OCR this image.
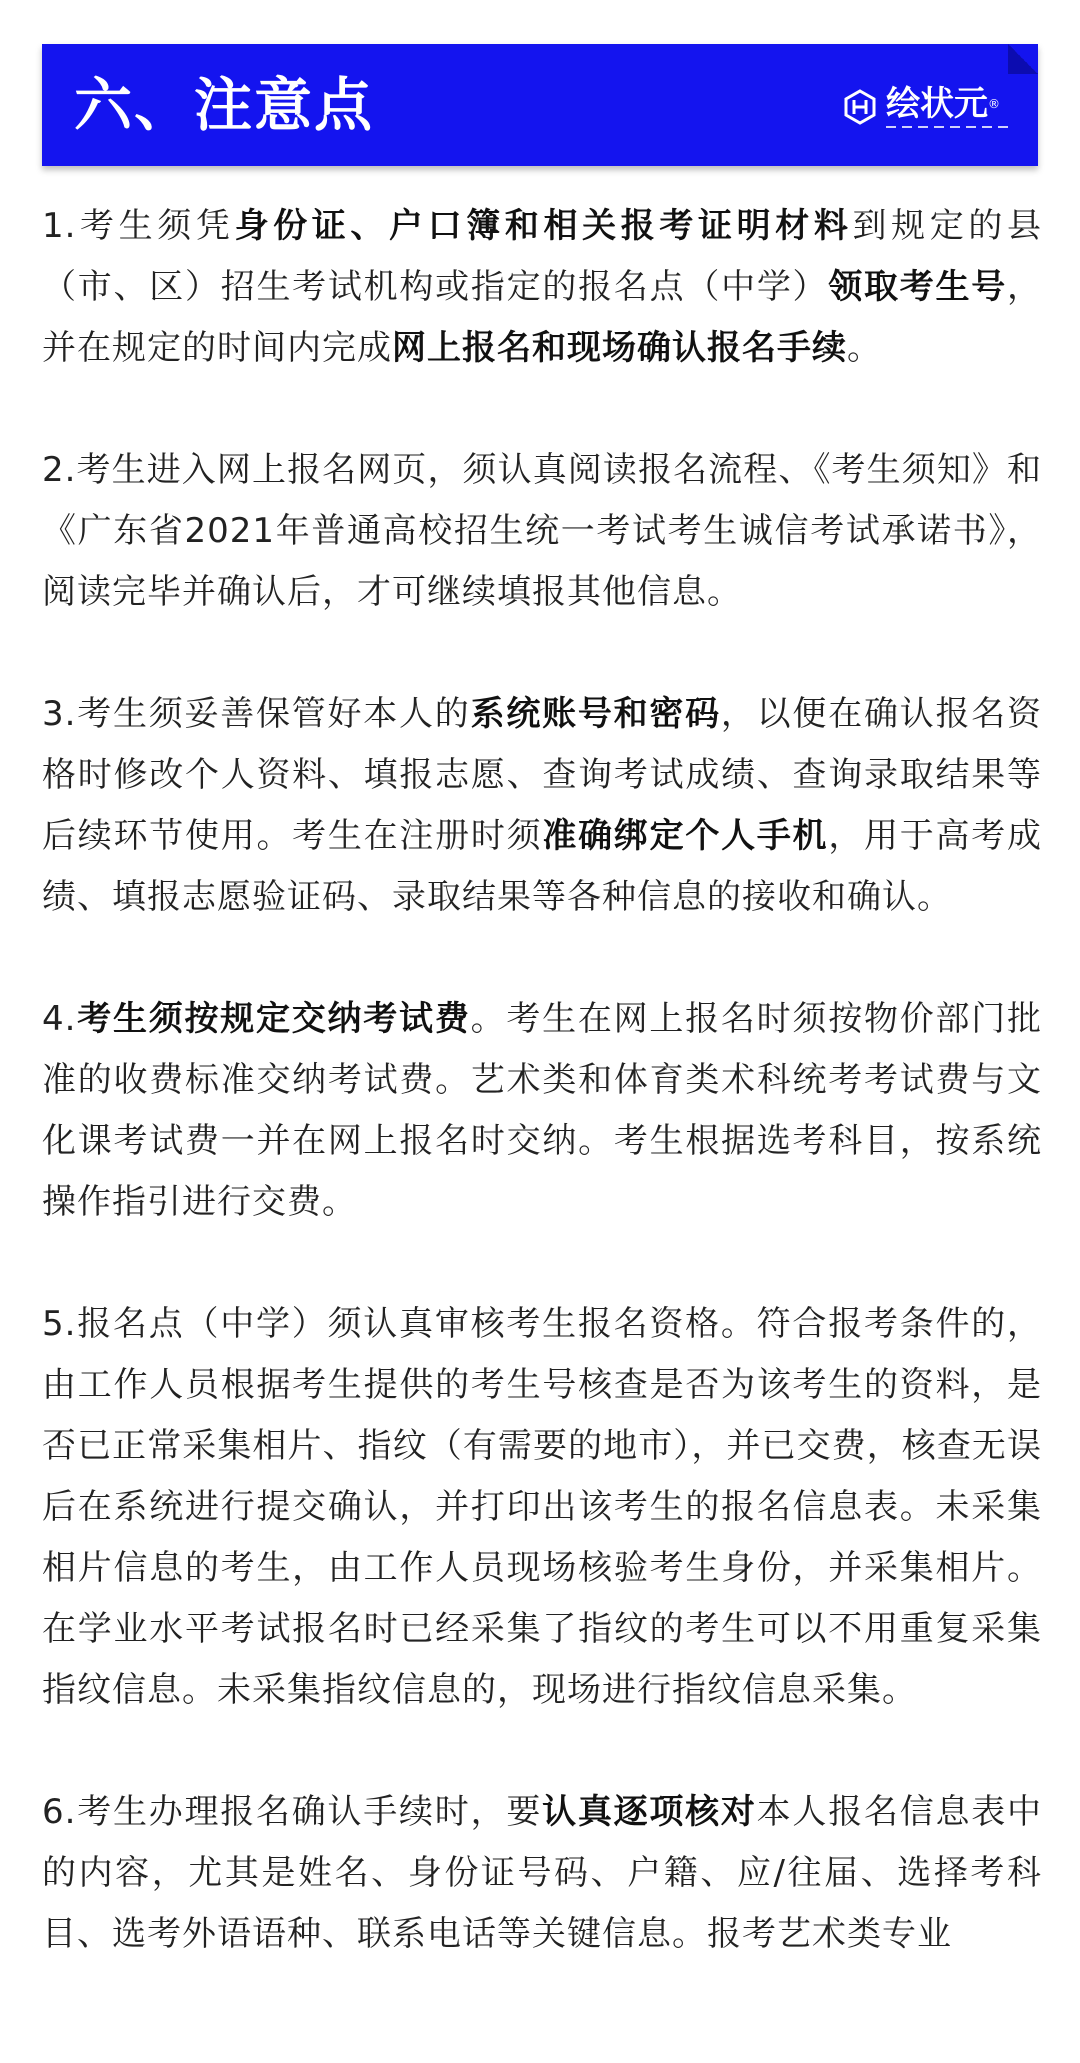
六、注意点	绘状元®

1.考生须凭身份证、户口簿和相关报考证明材料到规定的县（市、区）招生考试机构或指定的报名点（中学）领取考生号，并在规定的时间内完成网上报名和现场确认报名手续。

2.考生进入网上报名网页，须认真阅读报名流程、《考生须知》和《广东省2021年普通高校招生统一考试考生诚信考试承诺书》，阅读完毕并确认后，才可继续填报其他信息。

3.考生须妥善保管好本人的系统账号和密码，以便在确认报名资格时修改个人资料、填报志愿、查询考试成绩、查询录取结果等后续环节使用。考生在注册时须准确绑定个人手机，用于高考成绩、填报志愿验证码、录取结果等各种信息的接收和确认。

4.考生须按规定交纳考试费。考生在网上报名时须按物价部门批准的收费标准交纳考试费。艺术类和体育类术科统考考试费与文化课考试费一并在网上报名时交纳。考生根据选考科目，按系统操作指引进行交费。

5.报名点（中学）须认真审核考生报名资格。符合报考条件的，由工作人员根据考生提供的考生号核查是否为该考生的资料，是否已正常采集相片、指纹（有需要的地市），并已交费，核查无误后在系统进行提交确认，并打印出该考生的报名信息表。未采集相片信息的考生，由工作人员现场核验考生身份，并采集相片。在学业水平考试报名时已经采集了指纹的考生可以不用重复采集指纹信息。未采集指纹信息的，现场进行指纹信息采集。

6.考生办理报名确认手续时，要认真逐项核对本人报名信息表中的内容，尤其是姓名、身份证号码、户籍、应/往届、选择考科目、选考外语语种、联系电话等关键信息。报考艺术类专业
